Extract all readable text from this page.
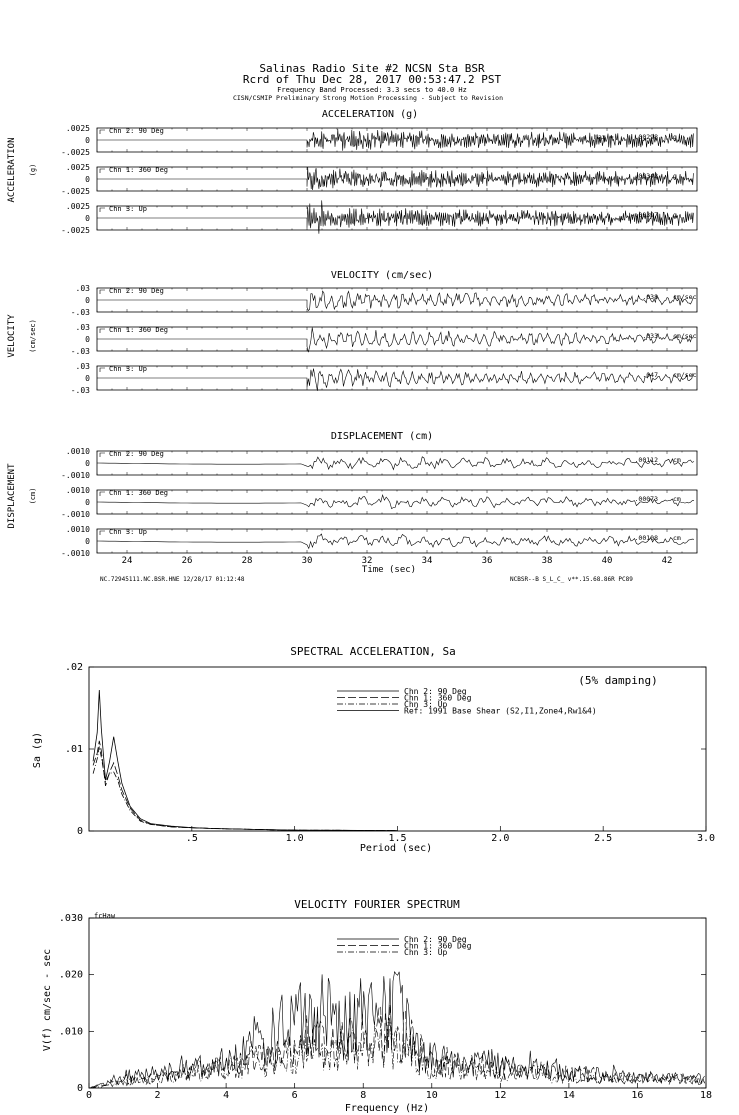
Salinas Radio Site #2 NCSN Sta BSR
Rcrd of Thu Dec 28, 2017 00:53:47.2 PST
Frequency Band Processed: 3.3 secs to 40.0 Hz
CISN/CSMIP Preliminary Strong Motion Processing - Subject to Revision
ACCELERATION (g)
ACCELERATION (g)
.0025
0
-.0025
Chn 2: 90 Deg
Max =	.00298 g
.0025
0
-.0025
Chn 1: 360 Deg
.00342 g
.0025
0
-.0025
Chn 3: Up
-.00397 g
VELOCITY (cm/sec)
VELOCITY (cm/sec)
.03
0
-.03
Chn 2: 90 Deg
.038 cm/sec
.03
0
-.03
Chn 1: 360 Deg
.033 cm/sec
.03
0
-.03
Chn 3: Up
.047 cm/sec
DISPLACEMENT (cm)
DISPLACEMENT (cm)
Time (sec)
.0010
0
-.0010
Chn 2: 90 Deg
.00112 cm
.0010
0
-.0010
Chn 1: 360 Deg
.00073 cm
.0010
0
-.0010
Chn 3: Up
.00108 cm
24	26	28	30	32	34	36	38	40	42
NC.72945111.NC.BSR.HNE 12/28/17 01:12:48	NCBSR--B S_L_C_ v**.15.68.86R PC89
SPECTRAL ACCELERATION, Sa
(5% damping)
Sa (g)
Period (sec)
.5	1.0	1.5	2.0	2.5	3.0
0
.01
.02
Chn 2: 90 Deg
Chn 1: 360 Deg
Chn 3: Up
Ref: 1991 Base Shear (S2,I1,Zone4,Rw1&4)
VELOCITY FOURIER SPECTRUM
fcHaw
V(f) cm/sec - sec
Frequency (Hz)
0	2	4	6	8	10	12	14	16	18
0
.010
.020
.030
Chn 2: 90 Deg
Chn 1: 360 Deg
Chn 3: Up
